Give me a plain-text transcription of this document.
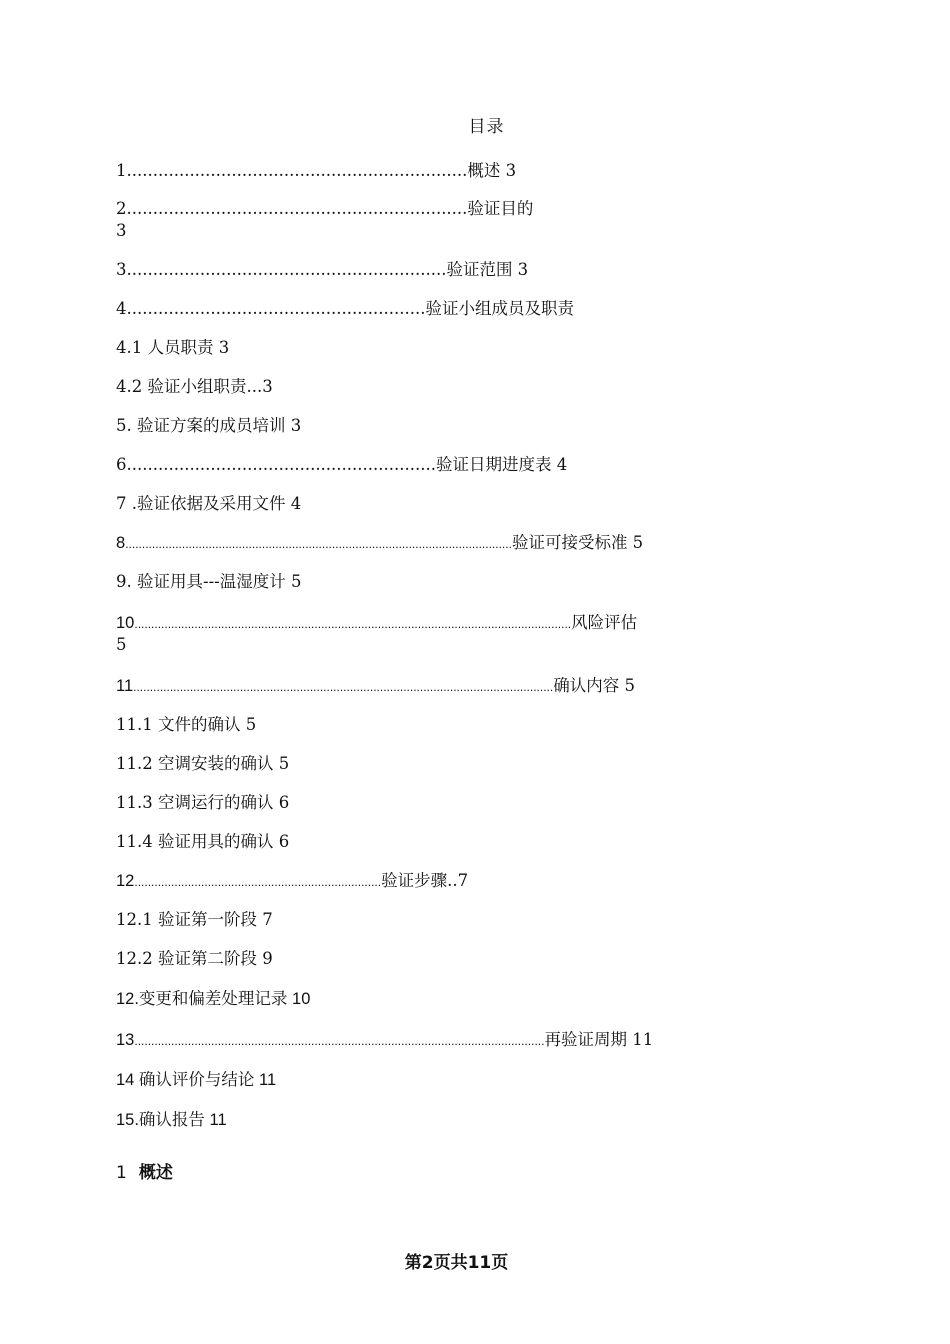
目录
1.................................................................概述 3
2.................................................................验证目的
3
3.............................................................验证范围 3
4.........................................................验证小组成员及职责
4.1 人员职责 3
4.2 验证小组职责...3
5. 验证方案的成员培训 3
6...........................................................验证日期进度表 4
7 .验证依据及采用文件 4
8....................................................................................................................验证可接受标准 5
9. 验证用具---温湿度计 5
10...................................................................................................................................风险评估
5
11..............................................................................................................................确认内容 5
11.1 文件的确认 5
11.2 空调安装的确认 5
11.3 空调运行的确认 6
11.4 验证用具的确认 6
12..........................................................................验证步骤..7
12.1 验证第一阶段 7
12.2 验证第二阶段 9
12.变更和偏差处理记录 10
13...........................................................................................................................再验证周期 11
14 确认评价与结论 11
15.确认报告 11
1 概述
第2页共11页
